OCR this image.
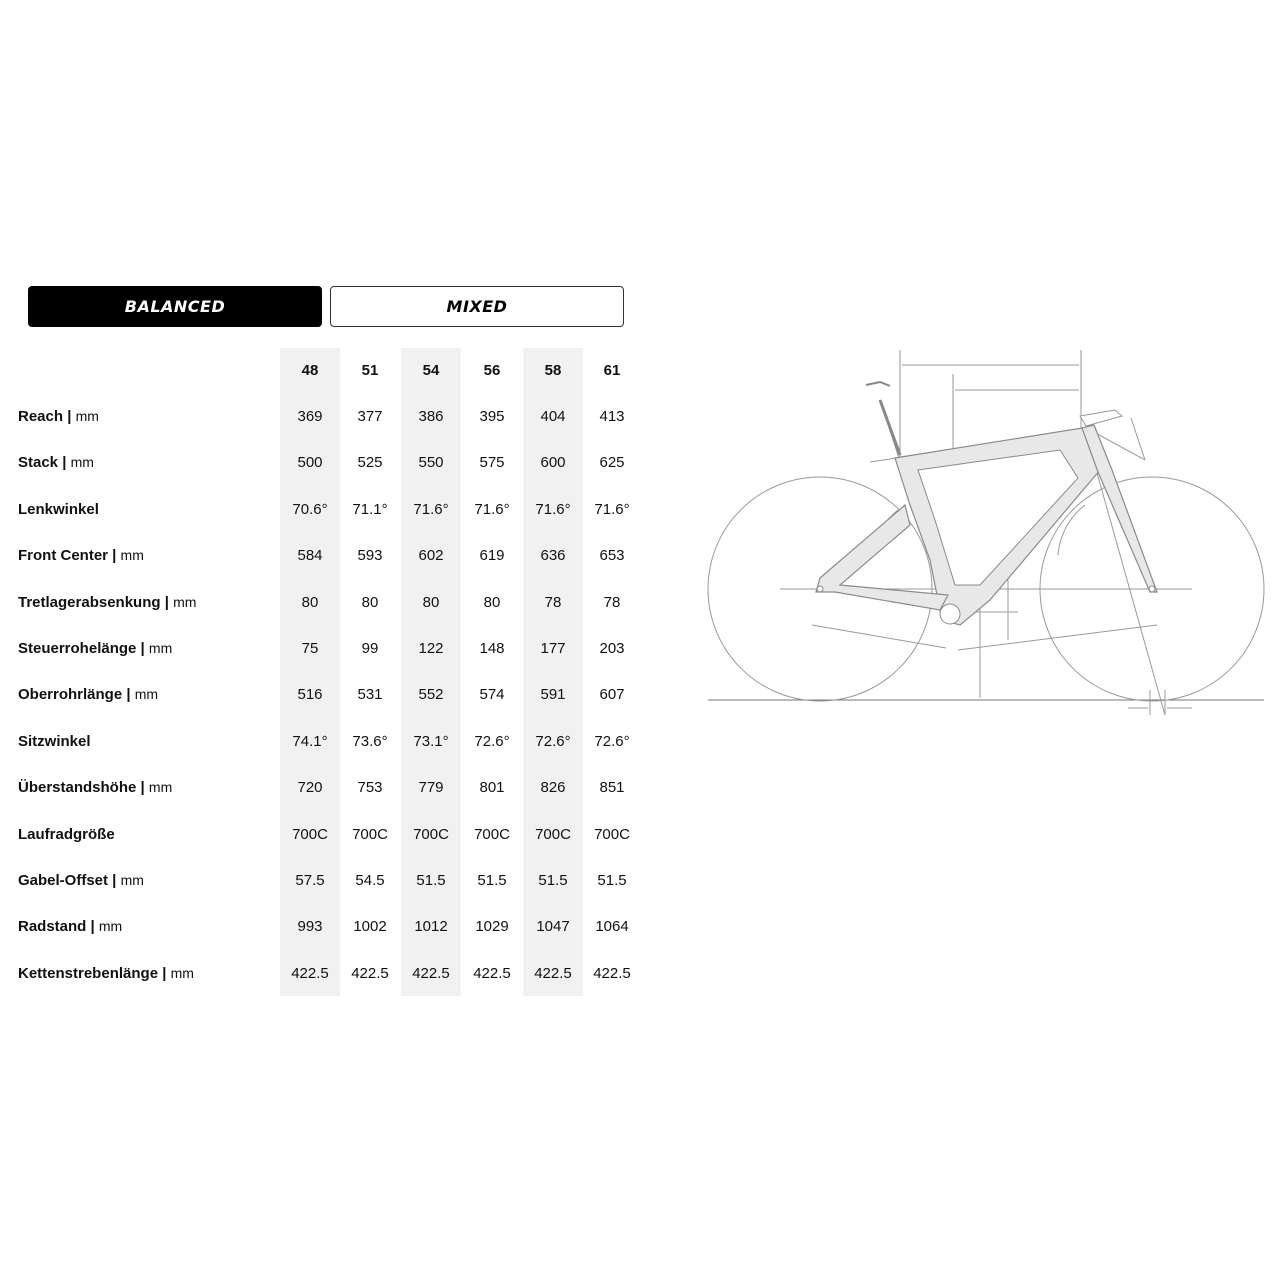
BALANCED	MIXED
48	51	54	56	58	61
Reach | mm	369	377	386	395	404	413
Stack | mm	500	525	550	575	600	625
Lenkwinkel	70.6°	71.1°	71.6°	71.6°	71.6°	71.6°
Front Center | mm	584	593	602	619	636	653
Tretlagerabsenkung | mm	80	80	80	80	78	78
Steuerrohelänge | mm	75	99	122	148	177	203
Oberrohrlänge | mm	516	531	552	574	591	607
Sitzwinkel	74.1°	73.6°	73.1°	72.6°	72.6°	72.6°
Überstandshöhe | mm	720	753	779	801	826	851
Laufradgröße	700C	700C	700C	700C	700C	700C
Gabel-Offset | mm	57.5	54.5	51.5	51.5	51.5	51.5
Radstand | mm	993	1002	1012	1029	1047	1064
Kettenstrebenlänge | mm	422.5	422.5	422.5	422.5	422.5	422.5
